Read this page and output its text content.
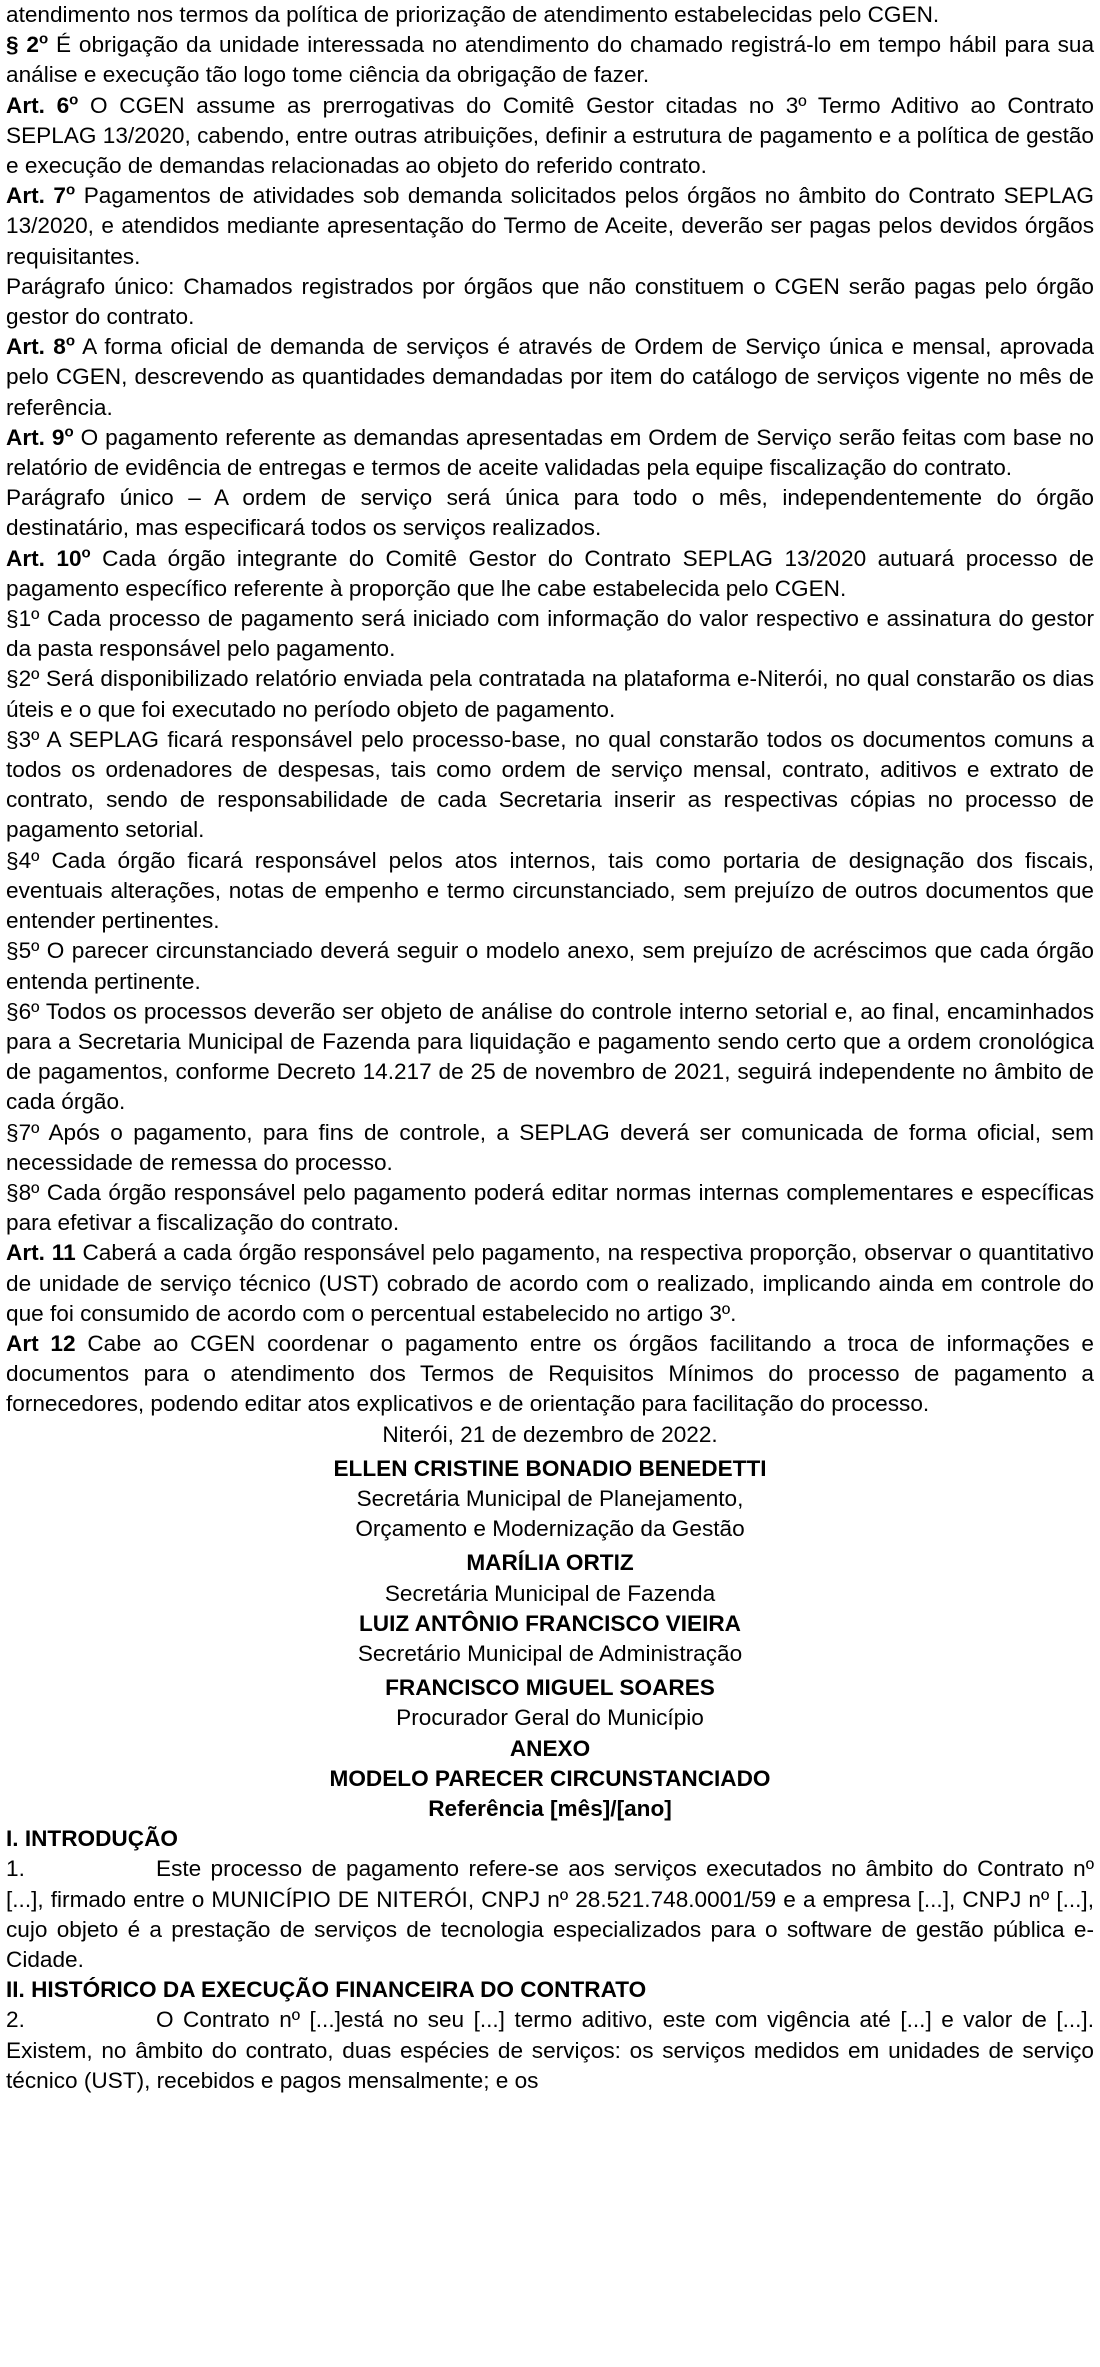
atendimento nos termos da política de priorização de atendimento estabelecidas pelo CGEN.

§ 2$^o$ É obrigação da unidade interessada no atendimento do chamado registrá-lo em tempo hábil para sua análise e execução tão logo tome ciência da obrigação de fazer.

Art. 6$^o$ O CGEN assume as prerrogativas do Comitê Gestor citadas no 3º Termo Aditivo ao Contrato SEPLAG 13/2020, cabendo, entre outras atribuições, definir a estrutura de pagamento e a política de gestão e execução de demandas relacionadas ao objeto do referido contrato.

Art. 7$^o$ Pagamentos de atividades sob demanda solicitados pelos órgãos no âmbito do Contrato SEPLAG 13/2020, e atendidos mediante apresentação do Termo de Aceite, deverão ser pagas pelos devidos órgãos requisitantes.

Parágrafo único: Chamados registrados por órgãos que não constituem o CGEN serão pagas pelo órgão gestor do contrato.

Art. 8$^o$ A forma oficial de demanda de serviços é através de Ordem de Serviço única e mensal, aprovada pelo CGEN, descrevendo as quantidades demandadas por item do catálogo de serviços vigente no mês de referência.

Art. 9$^o$ O pagamento referente as demandas apresentadas em Ordem de Serviço serão feitas com base no relatório de evidência de entregas e termos de aceite validadas pela equipe fiscalização do contrato.

Parágrafo único – A ordem de serviço será única para todo o mês, independentemente do órgão destinatário, mas especificará todos os serviços realizados.

Art. 10$^o$ Cada órgão integrante do Comitê Gestor do Contrato SEPLAG 13/2020 autuará processo de pagamento específico referente à proporção que lhe cabe estabelecida pelo CGEN.

§1º Cada processo de pagamento será iniciado com informação do valor respectivo e assinatura do gestor da pasta responsável pelo pagamento.

§2º Será disponibilizado relatório enviada pela contratada na plataforma e-Niterói, no qual constarão os dias úteis e o que foi executado no período objeto de pagamento.

§3º A SEPLAG ficará responsável pelo processo-base, no qual constarão todos os documentos comuns a todos os ordenadores de despesas, tais como ordem de serviço mensal, contrato, aditivos e extrato de contrato, sendo de responsabilidade de cada Secretaria inserir as respectivas cópias no processo de pagamento setorial.

§4º Cada órgão ficará responsável pelos atos internos, tais como portaria de designação dos fiscais, eventuais alterações, notas de empenho e termo circunstanciado, sem prejuízo de outros documentos que entender pertinentes.

§5º O parecer circunstanciado deverá seguir o modelo anexo, sem prejuízo de acréscimos que cada órgão entenda pertinente.

§6º Todos os processos deverão ser objeto de análise do controle interno setorial e, ao final, encaminhados para a Secretaria Municipal de Fazenda para liquidação e pagamento sendo certo que a ordem cronológica de pagamentos, conforme Decreto 14.217 de 25 de novembro de 2021, seguirá independente no âmbito de cada órgão.

§7º Após o pagamento, para fins de controle, a SEPLAG deverá ser comunicada de forma oficial, sem necessidade de remessa do processo.

§8º Cada órgão responsável pelo pagamento poderá editar normas internas complementares e específicas para efetivar a fiscalização do contrato.

Art. 11 Caberá a cada órgão responsável pelo pagamento, na respectiva proporção, observar o quantitativo de unidade de serviço técnico (UST) cobrado de acordo com o realizado, implicando ainda em controle do que foi consumido de acordo com o percentual estabelecido no artigo 3º.

Art 12 Cabe ao CGEN coordenar o pagamento entre os órgãos facilitando a troca de informações e documentos para o atendimento dos Termos de Requisitos Mínimos do processo de pagamento a fornecedores, podendo editar atos explicativos e de orientação para facilitação do processo.

Niterói, 21 de dezembro de 2022.

ELLEN CRISTINE BONADIO BENEDETTI

Secretária Municipal de Planejamento,

Orçamento e Modernização da Gestão

MARÍLIA ORTIZ

Secretária Municipal de Fazenda

LUIZ ANTÔNIO FRANCISCO VIEIRA

Secretário Municipal de Administração

FRANCISCO MIGUEL SOARES

Procurador Geral do Município

ANEXO

MODELO PARECER CIRCUNSTANCIADO

Referência [mês]/[ano]

I. INTRODUÇÃO

1.	Este processo de pagamento refere-se aos serviços executados no âmbito do Contrato nº [...], firmado entre o MUNICÍPIO DE NITERÓI, CNPJ nº 28.521.748.0001/59 e a empresa [...], CNPJ nº [...], cujo objeto é a prestação de serviços de tecnologia especializados para o software de gestão pública e-Cidade.

II. HISTÓRICO DA EXECUÇÃO FINANCEIRA DO CONTRATO

2.	O Contrato nº [...]está no seu [...] termo aditivo, este com vigência até [...] e valor de [...]. Existem, no âmbito do contrato, duas espécies de serviços: os serviços medidos em unidades de serviço técnico (UST), recebidos e pagos mensalmente; e os
